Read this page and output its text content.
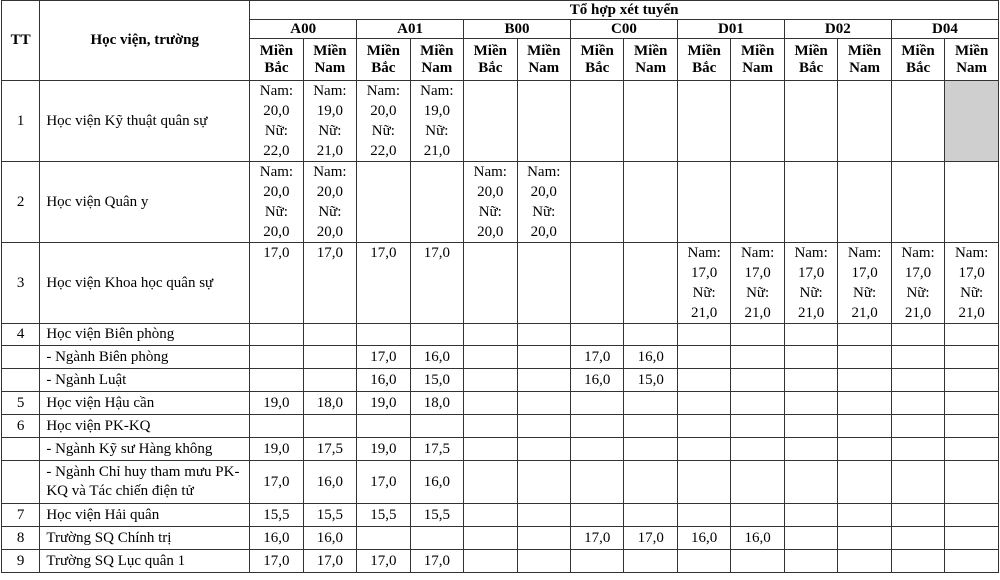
TT	Học viện, trường	Tổ hợp xét tuyển													
		A00		A01		B00		C00		D01		D02		D04	
		Miền Bắc	Miền Nam	Miền Bắc	Miền Nam	Miền Bắc	Miền Nam	Miền Bắc	Miền Nam	Miền Bắc	Miền Nam	Miền Bắc	Miền Nam	Miền Bắc	Miền Nam
1	Học viện Kỹ thuật quân sự	Nam: 20,0 Nữ: 22,0	Nam: 19,0 Nữ: 21,0	Nam: 20,0 Nữ: 22,0	Nam: 19,0 Nữ: 21,0										
2	Học viện Quân y	Nam: 20,0 Nữ: 20,0	Nam: 20,0 Nữ: 20,0			Nam: 20,0 Nữ: 20,0	Nam: 20,0 Nữ: 20,0								
3	Học viện Khoa học quân sự	17,0	17,0	17,0	17,0					Nam: 17,0 Nữ: 21,0	Nam: 17,0 Nữ: 21,0	Nam: 17,0 Nữ: 21,0	Nam: 17,0 Nữ: 21,0	Nam: 17,0 Nữ: 21,0	Nam: 17,0 Nữ: 21,0
4	Học viện Biên phòng														
	- Ngành Biên phòng			17,0	16,0			17,0	16,0						
	- Ngành Luật			16,0	15,0			16,0	15,0						
5	Học viện Hậu cần	19,0	18,0	19,0	18,0										
6	Học viện PK-KQ														
	- Ngành Kỹ sư Hàng không	19,0	17,5	19,0	17,5										
	- Ngành Chỉ huy tham mưu PK-KQ và Tác chiến điện tử	17,0	16,0	17,0	16,0										
7	Học viện Hải quân	15,5	15,5	15,5	15,5										
8	Trường SQ Chính trị	16,0	16,0					17,0	17,0	16,0	16,0				
9	Trường SQ Lục quân 1	17,0	17,0	17,0	17,0										
